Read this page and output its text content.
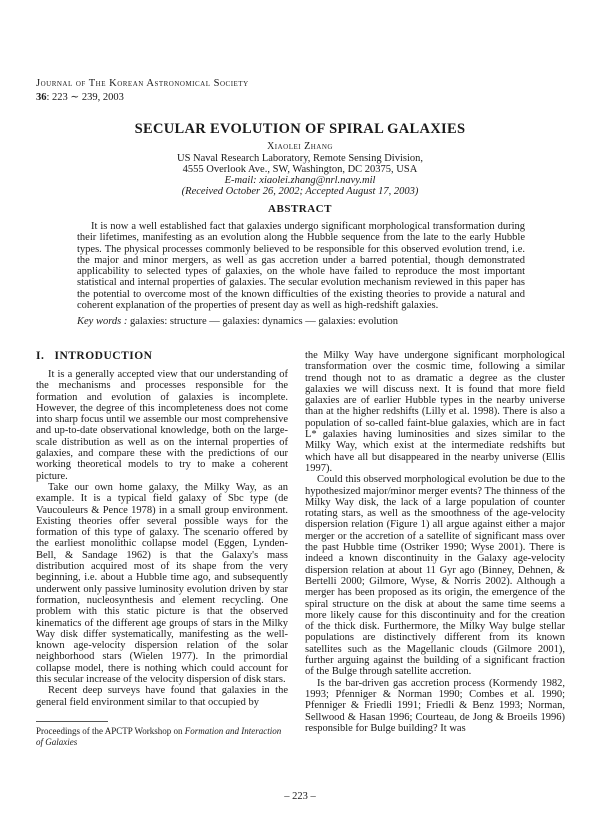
Journal of The Korean Astronomical Society
36: 223 ∼ 239, 2003
SECULAR EVOLUTION OF SPIRAL GALAXIES
Xiaolei Zhang
US Naval Research Laboratory, Remote Sensing Division,
4555 Overlook Ave., SW, Washington, DC 20375, USA
E-mail: xiaolei.zhang@nrl.navy.mil
(Received October 26, 2002; Accepted August 17, 2003)
ABSTRACT

It is now a well established fact that galaxies undergo significant morphological transformation during their lifetimes, manifesting as an evolution along the Hubble sequence from the late to the early Hubble types. The physical processes commonly believed to be responsible for this observed evolution trend, i.e. the major and minor mergers, as well as gas accretion under a barred potential, though demonstrated applicability to selected types of galaxies, on the whole have failed to reproduce the most important statistical and internal properties of galaxies. The secular evolution mechanism reviewed in this paper has the potential to overcome most of the known difficulties of the existing theories to provide a natural and coherent explanation of the properties of present day as well as high-redshift galaxies.

Key words : galaxies: structure — galaxies: dynamics — galaxies: evolution
I.   INTRODUCTION

It is a generally accepted view that our understanding of the mechanisms and processes responsible for the formation and evolution of galaxies is incomplete. However, the degree of this incompleteness does not come into sharp focus until we assemble our most comprehensive and up-to-date observational knowledge, both on the large-scale distribution as well as on the internal properties of galaxies, and compare these with the predictions of our working theoretical models to try to make a coherent picture.

Take our own home galaxy, the Milky Way, as an example. It is a typical field galaxy of Sbc type (de Vaucouleurs & Pence 1978) in a small group environment. Existing theories offer several possible ways for the formation of this type of galaxy. The scenario offered by the earliest monolithic collapse model (Eggen, Lynden-Bell, & Sandage 1962) is that the Galaxy's mass distribution acquired most of its shape from the very beginning, i.e. about a Hubble time ago, and subsequently underwent only passive luminosity evolution driven by star formation, nucleosynthesis and element recycling. One problem with this static picture is that the observed kinematics of the different age groups of stars in the Milky Way disk differ systematically, manifesting as the well-known age-velocity dispersion relation of the solar neighborhood stars (Wielen 1977). In the primordial collapse model, there is nothing which could account for this secular increase of the velocity dispersion of disk stars.

Recent deep surveys have found that galaxies in the general field environment similar to that occupied by

the Milky Way have undergone significant morphological transformation over the cosmic time, following a similar trend though not to as dramatic a degree as the cluster galaxies we will discuss next. It is found that more field galaxies are of earlier Hubble types in the nearby universe than at the higher redshifts (Lilly et al. 1998). There is also a population of so-called faint-blue galaxies, which are in fact L* galaxies having luminosities and sizes similar to the Milky Way, which exist at the intermediate redshifts but which have all but disappeared in the nearby universe (Ellis 1997).

Could this observed morphological evolution be due to the hypothesized major/minor merger events? The thinness of the Milky Way disk, the lack of a large population of counter rotating stars, as well as the smoothness of the age-velocity dispersion relation (Figure 1) all argue against either a major merger or the accretion of a satellite of significant mass over the past Hubble time (Ostriker 1990; Wyse 2001). There is indeed a known discontinuity in the Galaxy age-velocity dispersion relation at about 11 Gyr ago (Binney, Dehnen, & Bertelli 2000; Gilmore, Wyse, & Norris 2002). Although a merger has been proposed as its origin, the emergence of the spiral structure on the disk at about the same time seems a more likely cause for this discontinuity and for the creation of the thick disk. Furthermore, the Milky Way bulge stellar populations are distinctively different from its known satellites such as the Magellanic clouds (Gilmore 2001), further arguing against the building of a significant fraction of the Bulge through satellite accretion.

Is the bar-driven gas accretion process (Kormendy 1982, 1993; Pfenniger & Norman 1990; Combes et al. 1990; Pfenniger & Friedli 1991; Friedli & Benz 1993; Norman, Sellwood & Hasan 1996; Courteau, de Jong & Broeils 1996) responsible for Bulge building? It was

Proceedings of the APCTP Workshop on Formation and Interaction of Galaxies
– 223 –
